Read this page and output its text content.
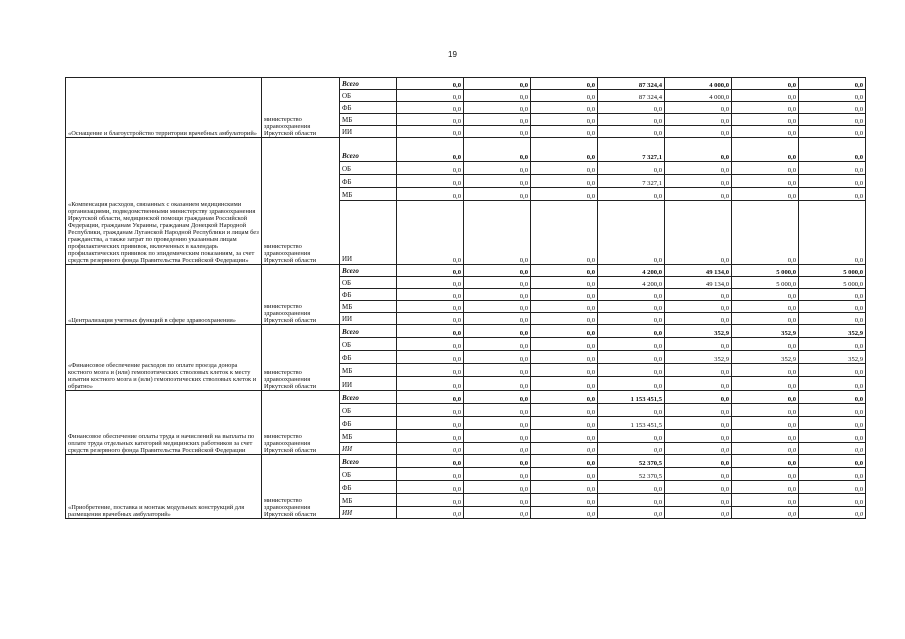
19
«Оснащение и благоустройство территории врачебных амбулаторий»	министерство здравоохранения Иркутской области	Всего	0,0	0,0	0,0	87 324,4	4 000,0	0,0	0,0
		ОБ	0,0	0,0	0,0	87 324,4	4 000,0	0,0	0,0
		ФБ	0,0	0,0	0,0	0,0	0,0	0,0	0,0
		МБ	0,0	0,0	0,0	0,0	0,0	0,0	0,0
		ИИ	0,0	0,0	0,0	0,0	0,0	0,0	0,0
«Компенсация расходов, связанных с оказанием медицинскими организациями, подведомственными министерству здравоохранения Иркутской области, медицинской помощи гражданам Российской Федерации, гражданам Украины, гражданам Донецкой Народной Республики, гражданам Луганской Народной Республики и лицам без гражданства, а также затрат по проведению указанным лицам профилактических прививок, включенных в календарь профилактических прививок по эпидемическим показаниям, за счет средств резервного фонда Правительства Российской Федерации»	министерство здравоохранения Иркутской области	Всего	0,0	0,0	0,0	7 327,1	0,0	0,0	0,0
		ОБ	0,0	0,0	0,0	0,0	0,0	0,0	0,0
		ФБ	0,0	0,0	0,0	7 327,1	0,0	0,0	0,0
		МБ	0,0	0,0	0,0	0,0	0,0	0,0	0,0
		ИИ	0,0	0,0	0,0	0,0	0,0	0,0	0,0
«Централизация учетных функций в сфере здравоохранения»	министерство здравоохранения Иркутской области	Всего	0,0	0,0	0,0	4 200,0	49 134,0	5 000,0	5 000,0
		ОБ	0,0	0,0	0,0	4 200,0	49 134,0	5 000,0	5 000,0
		ФБ	0,0	0,0	0,0	0,0	0,0	0,0	0,0
		МБ	0,0	0,0	0,0	0,0	0,0	0,0	0,0
		ИИ	0,0	0,0	0,0	0,0	0,0	0,0	0,0
«Финансовое обеспечение расходов по оплате проезда донора костного мозга и (или) гемопоэтических стволовых клеток к месту изъятия костного мозга и (или) гемопоэтических стволовых клеток и обратно»	министерство здравоохранения Иркутской области	Всего	0,0	0,0	0,0	0,0	352,9	352,9	352,9
		ОБ	0,0	0,0	0,0	0,0	0,0	0,0	0,0
		ФБ	0,0	0,0	0,0	0,0	352,9	352,9	352,9
		МБ	0,0	0,0	0,0	0,0	0,0	0,0	0,0
		ИИ	0,0	0,0	0,0	0,0	0,0	0,0	0,0
Финансовое обеспечение оплаты труда и начислений на выплаты по оплате труда отдельных категорий медицинских работников за счет средств резервного фонда Правительства Российской Федерации	министерство здравоохранения Иркутской области	Всего	0,0	0,0	0,0	1 153 451,5	0,0	0,0	0,0
		ОБ	0,0	0,0	0,0	0,0	0,0	0,0	0,0
		ФБ	0,0	0,0	0,0	1 153 451,5	0,0	0,0	0,0
		МБ	0,0	0,0	0,0	0,0	0,0	0,0	0,0
		ИИ	0,0	0,0	0,0	0,0	0,0	0,0	0,0
«Приобретение, поставка и монтаж модульных конструкций для размещения врачебных амбулаторий»	министерство здравоохранения Иркутской области	Всего	0,0	0,0	0,0	52 370,5	0,0	0,0	0,0
		ОБ	0,0	0,0	0,0	52 370,5	0,0	0,0	0,0
		ФБ	0,0	0,0	0,0	0,0	0,0	0,0	0,0
		МБ	0,0	0,0	0,0	0,0	0,0	0,0	0,0
		ИИ	0,0	0,0	0,0	0,0	0,0	0,0	0,0
